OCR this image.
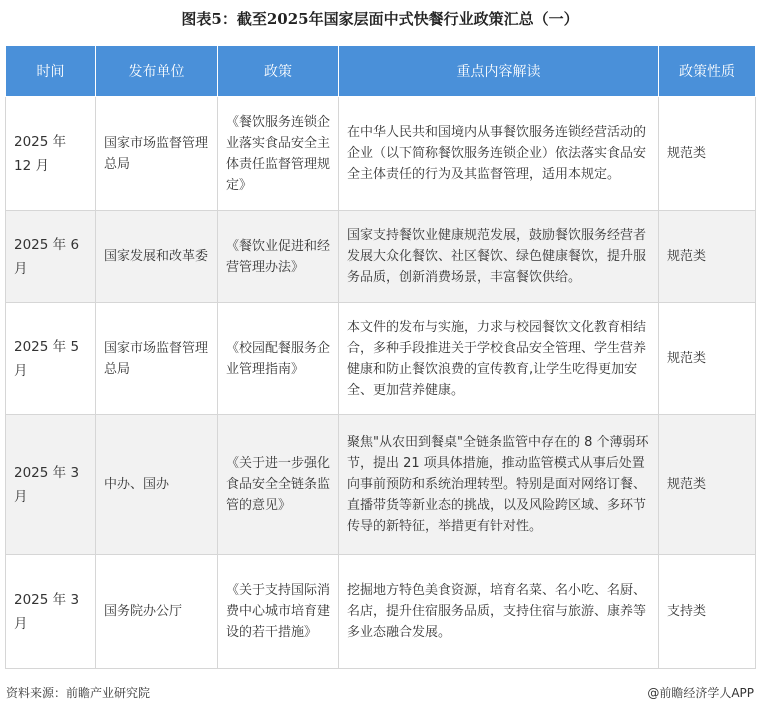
图表5：截至2025年国家层面中式快餐行业政策汇总（一）
时间	发布单位	政策	重点内容解读	政策性质
2025 年 12 月	国家市场监督管理总局	《餐饮服务连锁企业落实食品安全主体责任监督管理规定》	在中华人民共和国境内从事餐饮服务连锁经营活动的企业（以下简称餐饮服务连锁企业）依法落实食品安全主体责任的行为及其监督管理，适用本规定。	规范类
2025 年 6 月	国家发展和改革委	《餐饮业促进和经营管理办法》	国家支持餐饮业健康规范发展，鼓励餐饮服务经营者发展大众化餐饮、社区餐饮、绿色健康餐饮，提升服务品质，创新消费场景，丰富餐饮供给。	规范类
2025 年 5 月	国家市场监督管理总局	《校园配餐服务企业管理指南》	本文件的发布与实施，力求与校园餐饮文化教育相结合，多种手段推进关于学校食品安全管理、学生营养健康和防止餐饮浪费的宣传教育,让学生吃得更加安全、更加营养健康。	规范类
2025 年 3 月	中办、国办	《关于进一步强化食品安全全链条监管的意见》	聚焦"从农田到餐桌"全链条监管中存在的 8 个薄弱环节，提出 21 项具体措施，推动监管模式从事后处置向事前预防和系统治理转型。特别是面对网络订餐、直播带货等新业态的挑战，以及风险跨区域、多环节传导的新特征，举措更有针对性。	规范类
2025 年 3 月	国务院办公厅	《关于支持国际消费中心城市培育建设的若干措施》	挖掘地方特色美食资源，培育名菜、名小吃、名厨、名店，提升住宿服务品质，支持住宿与旅游、康养等多业态融合发展。	支持类
资料来源：前瞻产业研究院	@前瞻经济学人APP
